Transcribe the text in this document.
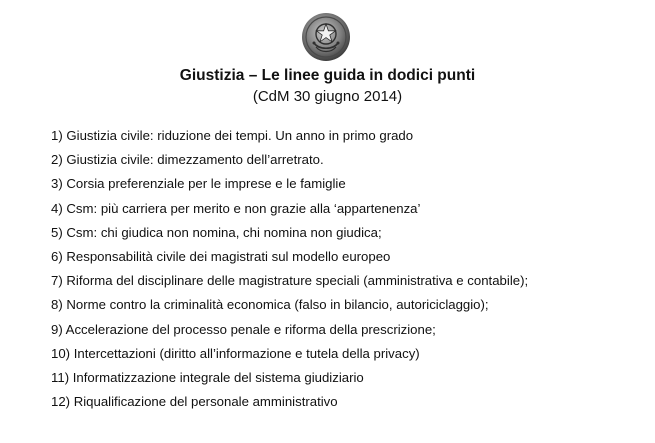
Giustizia – Le linee guida in dodici punti
(CdM 30 giugno 2014)
1) Giustizia civile: riduzione dei tempi. Un anno in primo grado
2) Giustizia civile: dimezzamento dell’arretrato.
3) Corsia preferenziale per le imprese e le famiglie
4) Csm: più carriera per merito e non grazie alla ‘appartenenza’
5) Csm: chi giudica non nomina, chi nomina non giudica;
6) Responsabilità civile dei magistrati sul modello europeo
7) Riforma del disciplinare delle magistrature speciali (amministrativa e contabile);
8) Norme contro la criminalità economica (falso in bilancio, autoriciclaggio);
9) Accelerazione del processo penale e riforma della prescrizione;
10) Intercettazioni (diritto all’informazione e tutela della privacy)
11) Informatizzazione integrale del sistema giudiziario
12) Riqualificazione del personale amministrativo
